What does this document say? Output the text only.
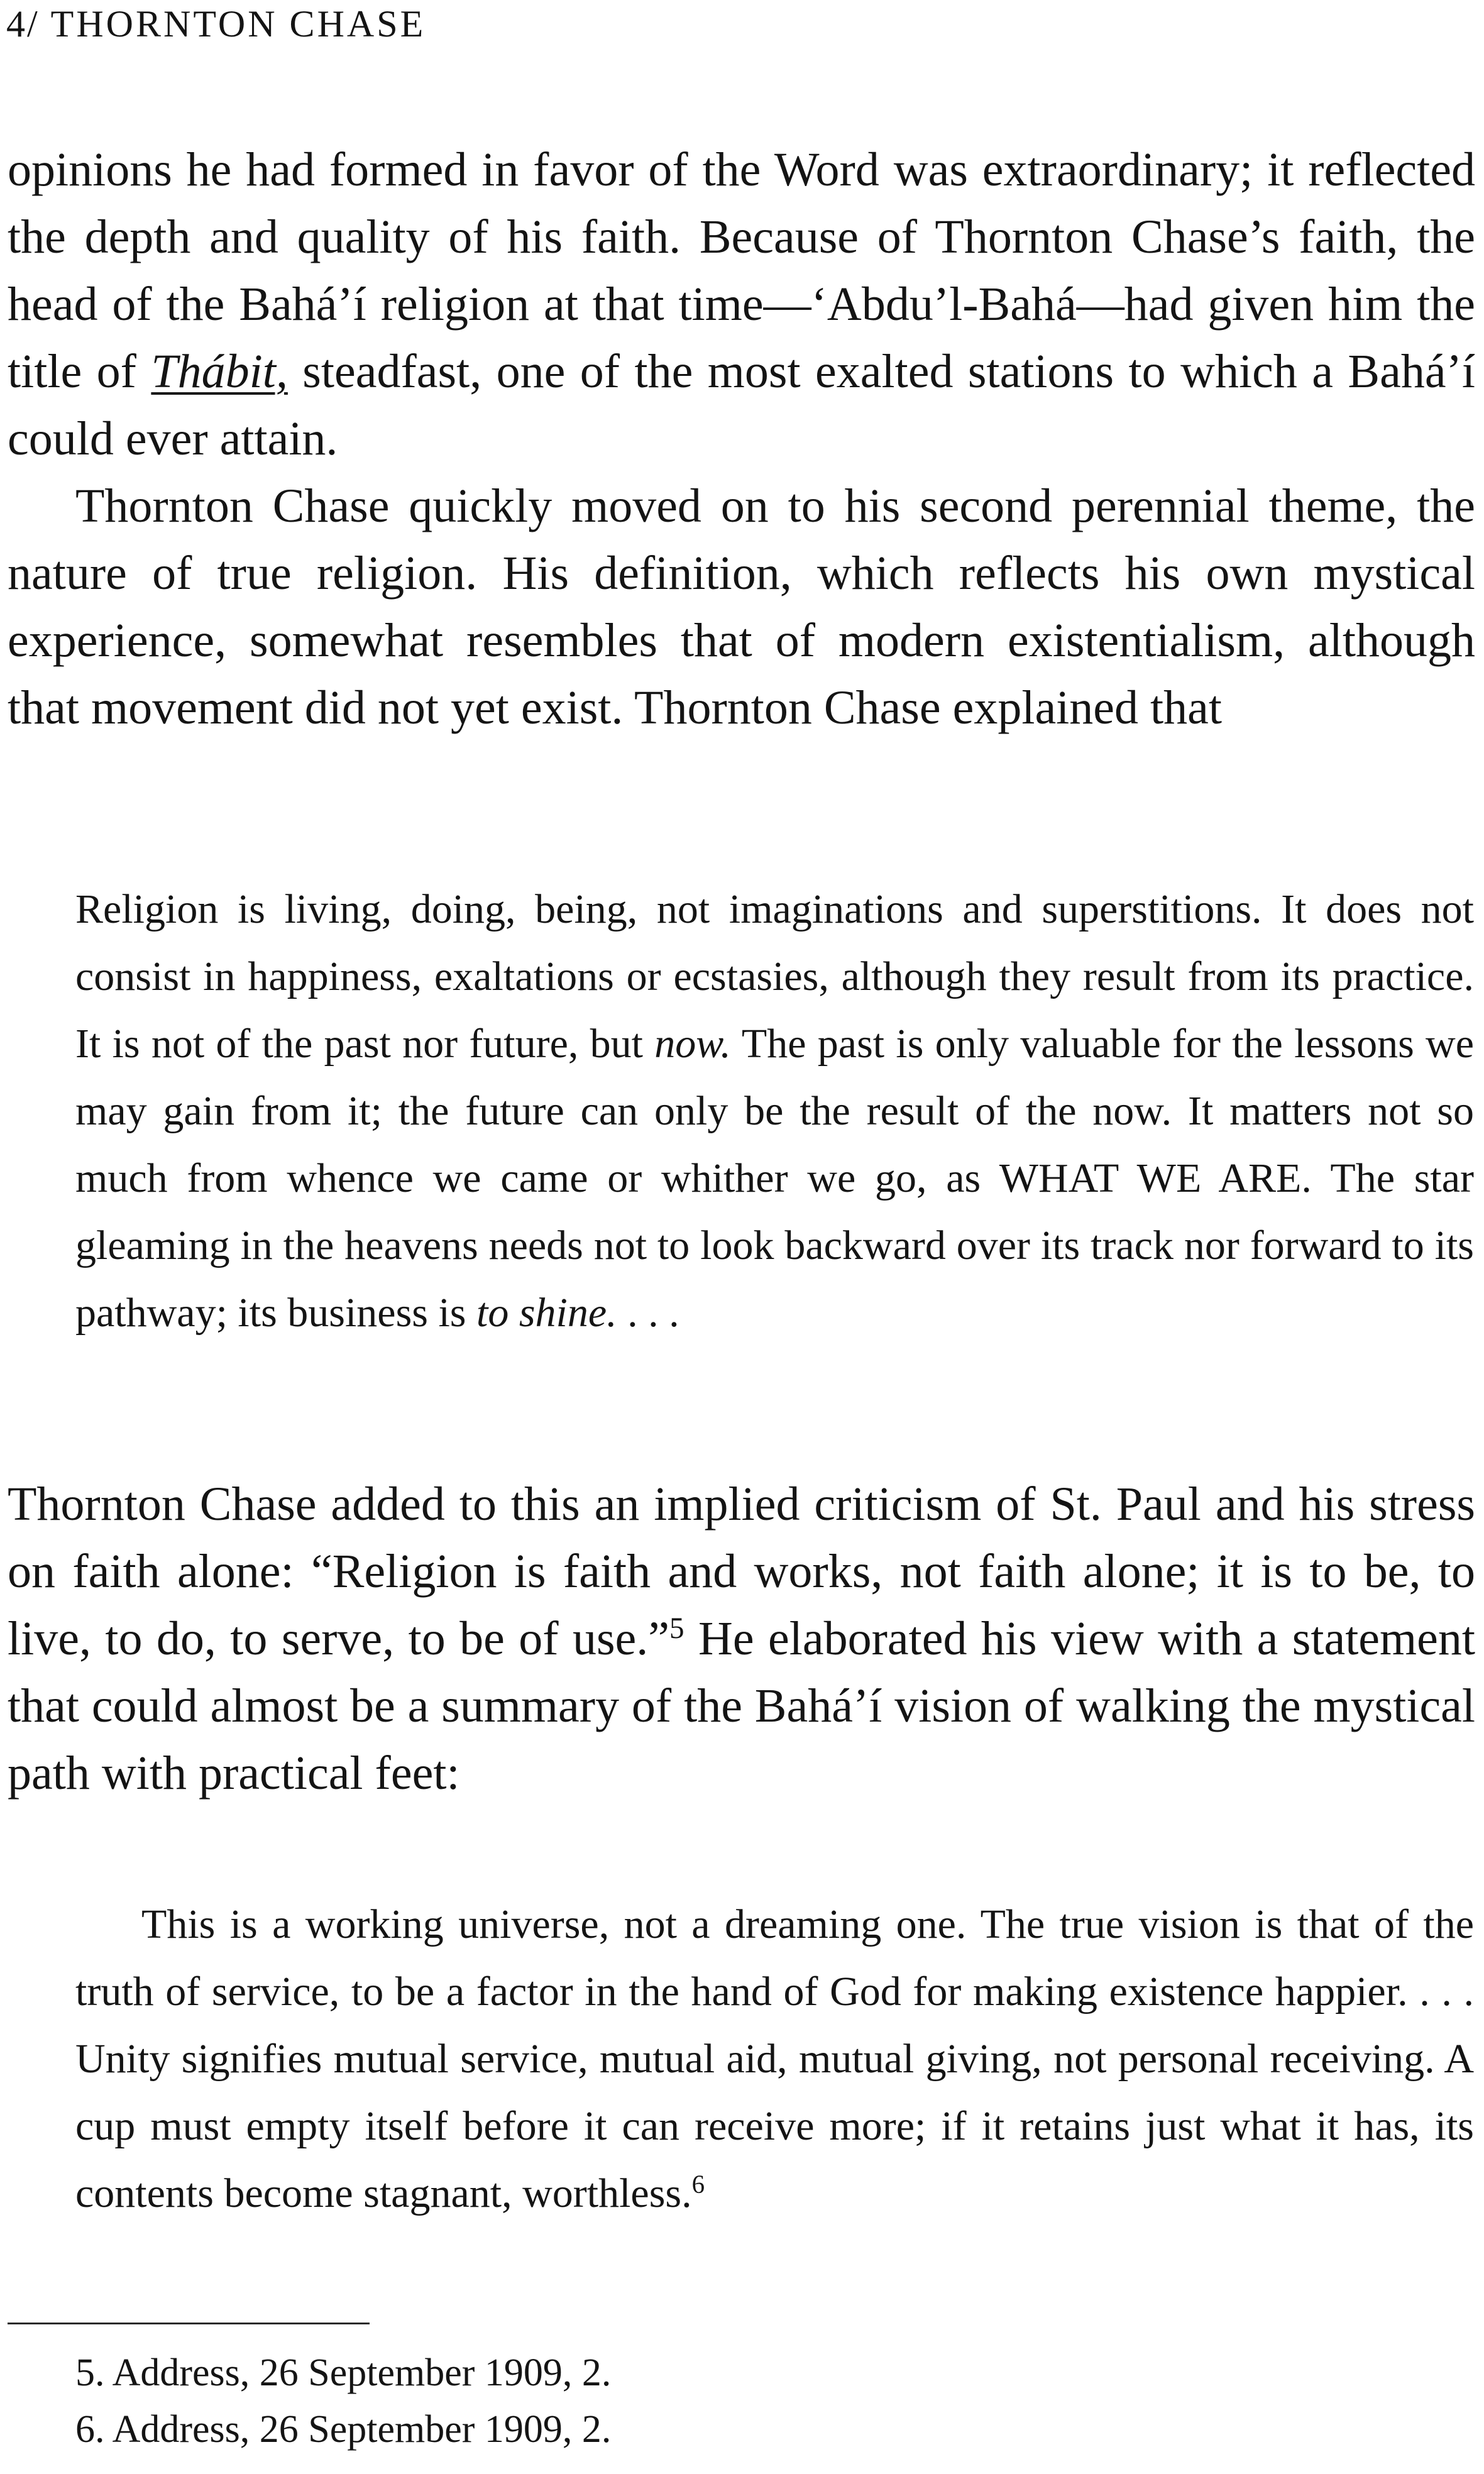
4/ THORNTON CHASE

opinions he had formed in favor of the Word was extraordinary; it reflected the depth and quality of his faith. Because of Thornton Chase’s faith, the head of the Bahá’í religion at that time—‘Abdu’l-Bahá—had given him the title of Thábit, steadfast, one of the most exalted stations to which a Bahá’í could ever attain.

Thornton Chase quickly moved on to his second perennial theme, the nature of true religion. His definition, which reflects his own mystical experience, somewhat resembles that of modern existentialism, although that movement did not yet exist. Thornton Chase explained that

Religion is living, doing, being, not imaginations and superstitions. It does not consist in happiness, exaltations or ecstasies, although they result from its practice. It is not of the past nor future, but now. The past is only valuable for the lessons we may gain from it; the future can only be the result of the now. It matters not so much from whence we came or whither we go, as WHAT WE ARE. The star gleaming in the heavens needs not to look backward over its track nor forward to its pathway; its business is to shine. . . .

Thornton Chase added to this an implied criticism of St. Paul and his stress on faith alone: “Religion is faith and works, not faith alone; it is to be, to live, to do, to serve, to be of use.”$^5$ He elaborated his view with a statement that could almost be a summary of the Bahá’í vision of walking the mystical path with practical feet:

This is a working universe, not a dreaming one. The true vision is that of the truth of service, to be a factor in the hand of God for making existence happier. . . . Unity signifies mutual service, mutual aid, mutual giving, not personal receiving. A cup must empty itself before it can receive more; if it retains just what it has, its contents become stagnant, worthless.$^6$

5. Address, 26 September 1909, 2.
6. Address, 26 September 1909, 2.
